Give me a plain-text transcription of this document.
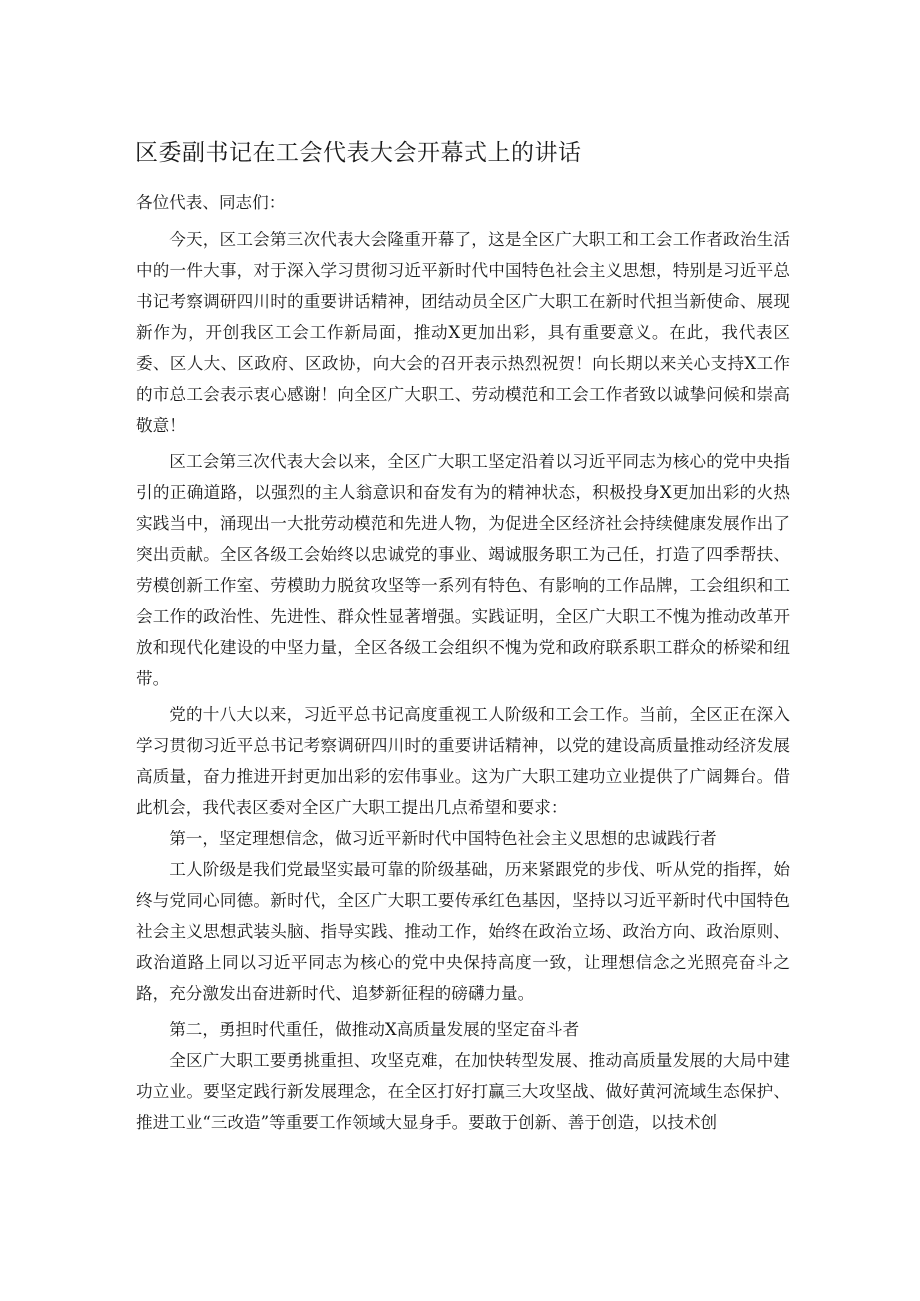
区委副书记在工会代表大会开幕式上的讲话

各位代表、同志们：

今天，区工会第三次代表大会隆重开幕了，这是全区广大职工和工会工作者政治生活中的一件大事，对于深入学习贯彻习近平新时代中国特色社会主义思想，特别是习近平总书记考察调研四川时的重要讲话精神，团结动员全区广大职工在新时代担当新使命、展现新作为，开创我区工会工作新局面，推动X更加出彩，具有重要意义。在此，我代表区委、区人大、区政府、区政协，向大会的召开表示热烈祝贺！向长期以来关心支持X工作的市总工会表示衷心感谢！向全区广大职工、劳动模范和工会工作者致以诚挚问候和崇高敬意！

区工会第三次代表大会以来，全区广大职工坚定沿着以习近平同志为核心的党中央指引的正确道路，以强烈的主人翁意识和奋发有为的精神状态，积极投身X更加出彩的火热实践当中，涌现出一大批劳动模范和先进人物，为促进全区经济社会持续健康发展作出了突出贡献。全区各级工会始终以忠诚党的事业、竭诚服务职工为己任，打造了四季帮扶、劳模创新工作室、劳模助力脱贫攻坚等一系列有特色、有影响的工作品牌，工会组织和工会工作的政治性、先进性、群众性显著增强。实践证明，全区广大职工不愧为推动改革开放和现代化建设的中坚力量，全区各级工会组织不愧为党和政府联系职工群众的桥梁和纽带。

党的十八大以来，习近平总书记高度重视工人阶级和工会工作。当前，全区正在深入学习贯彻习近平总书记考察调研四川时的重要讲话精神，以党的建设高质量推动经济发展高质量，奋力推进开封更加出彩的宏伟事业。这为广大职工建功立业提供了广阔舞台。借此机会，我代表区委对全区广大职工提出几点希望和要求：

第一，坚定理想信念，做习近平新时代中国特色社会主义思想的忠诚践行者

工人阶级是我们党最坚实最可靠的阶级基础，历来紧跟党的步伐、听从党的指挥，始终与党同心同德。新时代，全区广大职工要传承红色基因，坚持以习近平新时代中国特色社会主义思想武装头脑、指导实践、推动工作，始终在政治立场、政治方向、政治原则、政治道路上同以习近平同志为核心的党中央保持高度一致，让理想信念之光照亮奋斗之路，充分激发出奋进新时代、追梦新征程的磅礴力量。

第二，勇担时代重任，做推动X高质量发展的坚定奋斗者

全区广大职工要勇挑重担、攻坚克难，在加快转型发展、推动高质量发展的大局中建功立业。要坚定践行新发展理念，在全区打好打赢三大攻坚战、做好黄河流域生态保护、推进工业“三改造”等重要工作领域大显身手。要敢于创新、善于创造，以技术创
